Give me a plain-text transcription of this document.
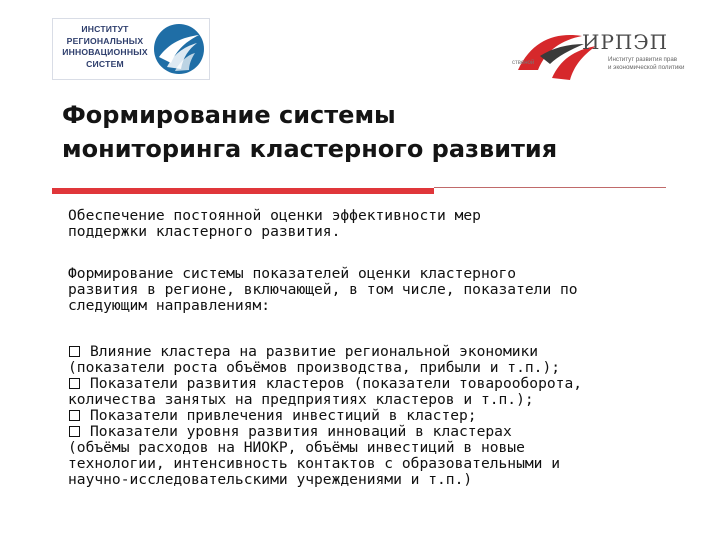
ИНСТИТУТ
РЕГИОНАЛЬНЫХ
ИННОВАЦИОННЫХ
СИСТЕМ
ИРПЭП
Институт развития прав
и экономической политики
ственой
Формирование системы
мониторинга кластерного развития
Обеспечение постоянной оценки эффективности мер
поддержки кластерного развития.
Формирование системы показателей оценки кластерного
развития в регионе, включающей, в том числе, показатели по
следующим направлениям:
Влияние кластера на развитие региональной экономики
(показатели роста объёмов производства, прибыли и т.п.);
Показатели развития кластеров (показатели товарооборота,
количества занятых на предприятиях кластеров и т.п.);
Показатели привлечения инвестиций в кластер;
Показатели уровня развития инноваций в кластерах
(объёмы расходов на НИОКР, объёмы инвестиций в новые
технологии, интенсивность контактов с образовательными и
научно-исследовательскими учреждениями и т.п.)
